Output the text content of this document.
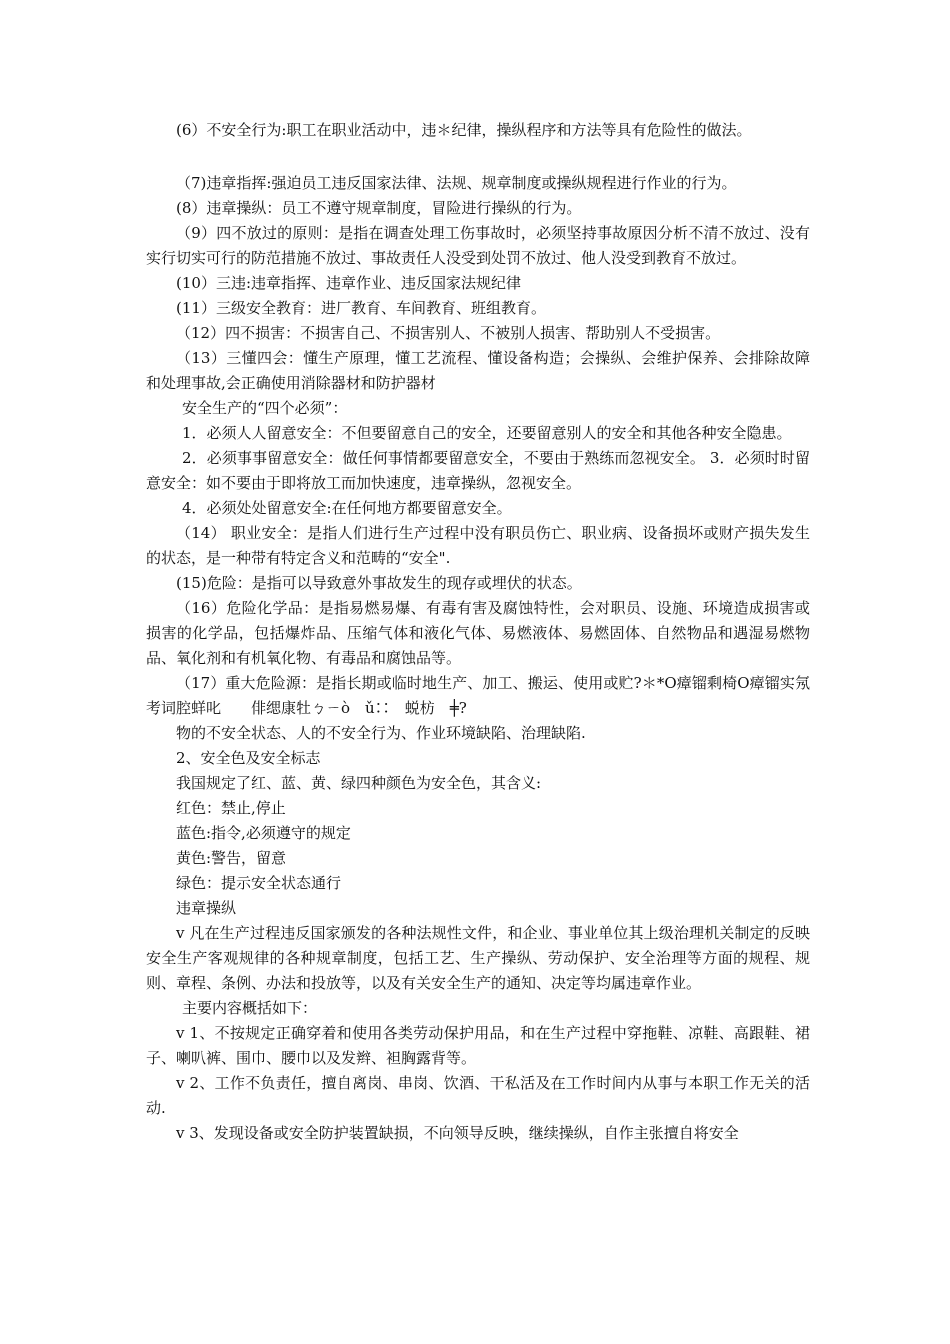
(6）不安全行为:职工在职业活动中，违＊纪律，操纵程序和方法等具有危险性的做法。

（7)违章指挥:强迫员工违反国家法律、法规、规章制度或操纵规程进行作业的行为。

(8）违章操纵：员工不遵守规章制度，冒险进行操纵的行为。

（9）四不放过的原则：是指在调查处理工伤事故时，必须坚持事故原因分析不清不放过、没有实行切实可行的防范措施不放过、事故责任人没受到处罚不放过、他人没受到教育不放过。

(10）三违:违章指挥、违章作业、违反国家法规纪律

(11）三级安全教育：进厂教育、车间教育、班组教育。

（12）四不损害：不损害自己、不损害别人、不被别人损害、帮助别人不受损害。

（13）三懂四会：懂生产原理，懂工艺流程、懂设备构造；会操纵、会维护保养、会排除故障和处理事故,会正确使用消除器材和防护器材

安全生产的“四个必须”：

1．必须人人留意安全：不但要留意自己的安全，还要留意别人的安全和其他各种安全隐患。

2．必须事事留意安全：做任何事情都要留意安全，不要由于熟练而忽视安全。 3．必须时时留意安全：如不要由于即将放工而加快速度，违章操纵，忽视安全。

4．必须处处留意安全:在任何地方都要留意安全。

（14） 职业安全：是指人们进行生产过程中没有职员伤亡、职业病、设备损坏或财产损失发生的状态，是一种带有特定含义和范畴的“安全".

(15)危险：是指可以导致意外事故发生的现存或埋伏的状态。

（16）危险化学品：是指易燃易爆、有毒有害及腐蚀特性，会对职员、设施、环境造成损害或损害的化学品，包括爆炸品、压缩气体和液化气体、易燃液体、易燃固体、自然物品和遇湿易燃物品、氧化剂和有机氧化物、有毒品和腐蚀品等。

（17）重大危险源：是指长期或临时地生产、加工、搬运、使用或贮?＊*Ο瘴镏剩椅Ο瘴镏实氖　考词腔蛘叱　　俳缌康牡ㄅㄧò　ǔ∷　蜕枋　╪?

物的不安全状态、人的不安全行为、作业环境缺陷、治理缺陷.

2、安全色及安全标志

我国规定了红、蓝、黄、绿四种颜色为安全色，其含义:

红色：禁止,停止

蓝色:指令,必须遵守的规定

黄色:警告，留意

绿色：提示安全状态通行

违章操纵

v 凡在生产过程违反国家颁发的各种法规性文件，和企业、事业单位其上级治理机关制定的反映安全生产客观规律的各种规章制度，包括工艺、生产操纵、劳动保护、安全治理等方面的规程、规则、章程、条例、办法和投放等，以及有关安全生产的通知、决定等均属违章作业。

主要内容概括如下：

v 1、不按规定正确穿着和使用各类劳动保护用品，和在生产过程中穿拖鞋、凉鞋、高跟鞋、裙子、喇叭裤、围巾、腰巾以及发辫、袒胸露背等。

v 2、工作不负责任，擅自离岗、串岗、饮酒、干私活及在工作时间内从事与本职工作无关的活动.

v 3、发现设备或安全防护装置缺损，不向领导反映，继续操纵，自作主张擅自将安全
